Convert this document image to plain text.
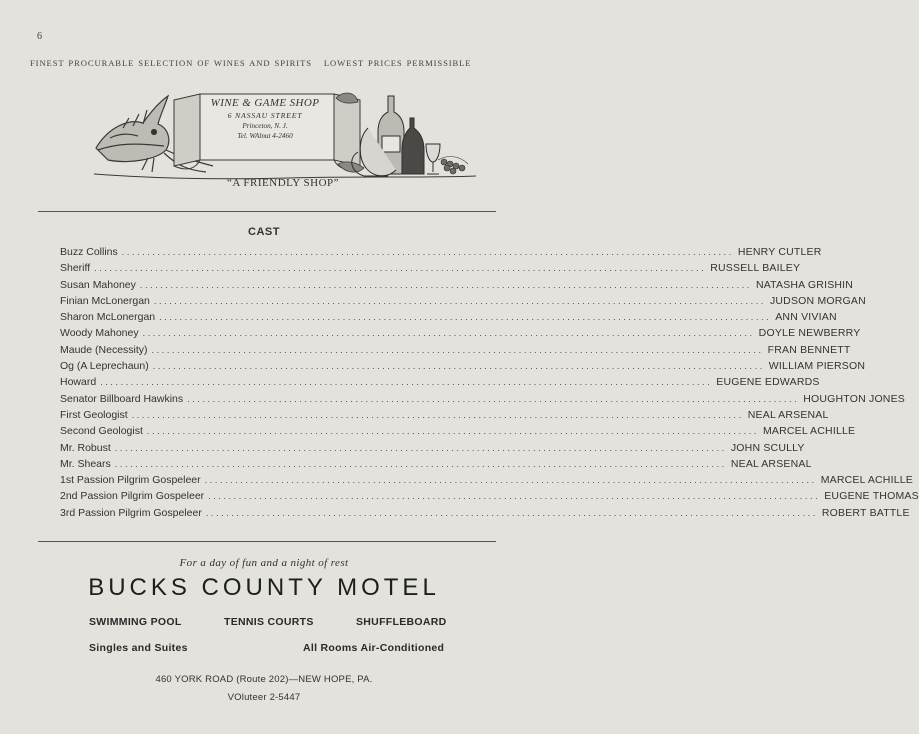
6
FINEST PROCURABLE SELECTION OF WINES AND SPIRITS LOWEST PRICES PERMISSIBLE
WINE & GAME SHOP
6 NASSAU STREET
Princeton, N. J.
Tel. WAlnut 4-2460
“A FRIENDLY SHOP”
CAST
Buzz Collins ........................................................................................................................ HENRY CUTLER
Sheriff ........................................................................................................................ RUSSELL BAILEY
Susan Mahoney ........................................................................................................................ NATASHA GRISHIN
Finian McLonergan ........................................................................................................................ JUDSON MORGAN
Sharon McLonergan ........................................................................................................................ ANN VIVIAN
Woody Mahoney ........................................................................................................................ DOYLE NEWBERRY
Maude (Necessity) ........................................................................................................................ FRAN BENNETT
Og (A Leprechaun) ........................................................................................................................ WILLIAM PIERSON
Howard ........................................................................................................................ EUGENE EDWARDS
Senator Billboard Hawkins ........................................................................................................................ HOUGHTON JONES
First Geologist ........................................................................................................................ NEAL ARSENAL
Second Geologist ........................................................................................................................ MARCEL ACHILLE
Mr. Robust ........................................................................................................................ JOHN SCULLY
Mr. Shears ........................................................................................................................ NEAL ARSENAL
1st Passion Pilgrim Gospeleer ........................................................................................................................ MARCEL ACHILLE
2nd Passion Pilgrim Gospeleer ........................................................................................................................ EUGENE THOMAS
3rd Passion Pilgrim Gospeleer ........................................................................................................................ ROBERT BATTLE
For a day of fun and a night of rest
BUCKS COUNTY MOTEL
SWIMMING POOL	TENNIS COURTS	SHUFFLEBOARD
Singles and Suites	All Rooms Air-Conditioned
460 YORK ROAD (Route 202)—NEW HOPE, PA.
VOluteer 2-5447
